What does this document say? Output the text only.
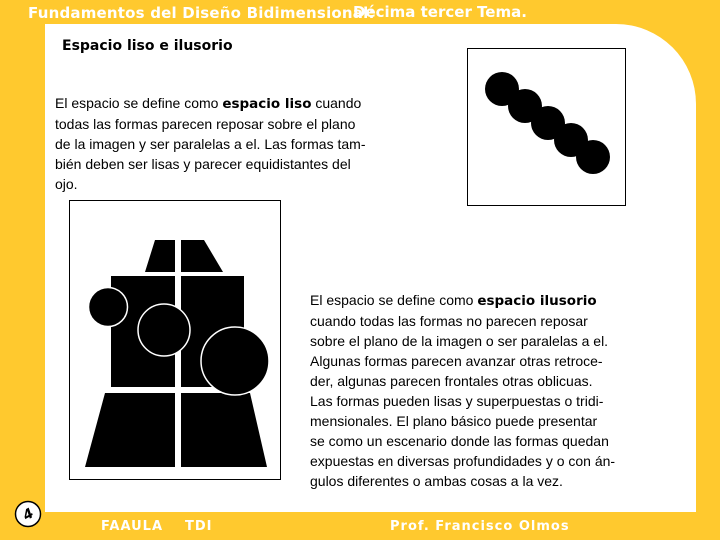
Fundamentos del Diseño Bidimensional:
Décima tercer Tema.
Espacio liso e ilusorio

El espacio se define como espacio liso cuando
todas las formas parecen reposar sobre el plano
de la imagen y ser paralelas a el. Las formas tam-
bién deben ser lisas y parecer equidistantes del
ojo.

El espacio se define como espacio ilusorio
cuando todas las formas no parecen reposar
sobre el plano de la imagen o ser paralelas a el.
Algunas formas parecen avanzar otras retroce-
der, algunas parecen frontales otras oblicuas.
Las formas pueden lisas y superpuestas o tridi-
mensionales. El plano básico puede presentar
se como un escenario donde las formas quedan
expuestas en diversas profundidades y o con án-
gulos diferentes o ambas cosas a la vez.

4
FAAULA TDI	Prof. Francisco Olmos
